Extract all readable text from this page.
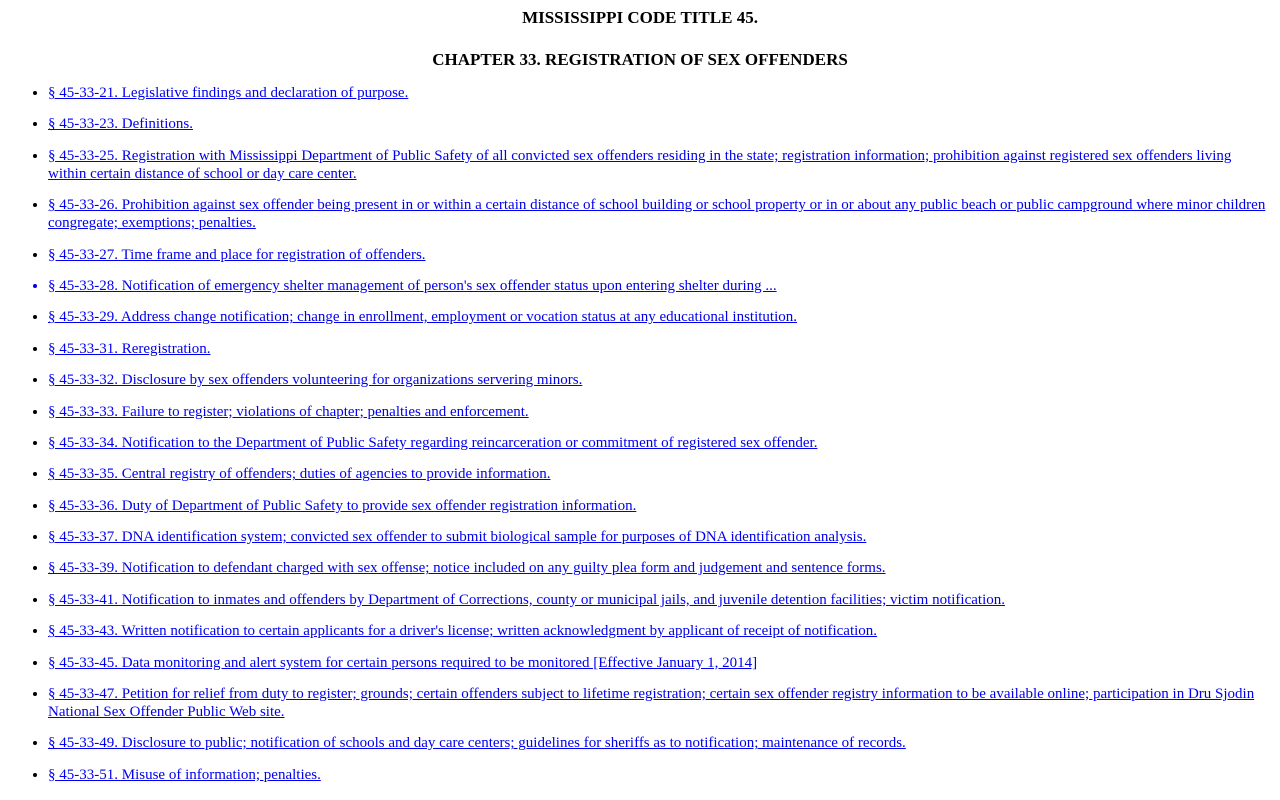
MISSISSIPPI CODE TITLE 45.
CHAPTER 33. REGISTRATION OF SEX OFFENDERS
• § 45-33-21. Legislative findings and declaration of purpose.
• § 45-33-23. Definitions.
• § 45-33-25. Registration with Mississippi Department of Public Safety of all convicted sex offenders residing in the state; registration information; prohibition against registered sex offenders living within certain distance of school or day care center.
• § 45-33-26. Prohibition against sex offender being present in or within a certain distance of school building or school property or in or about any public beach or public campground where minor children congregate; exemptions; penalties.
• § 45-33-27. Time frame and place for registration of offenders.
• § 45-33-28. Notification of emergency shelter management of person's sex offender status upon entering shelter during ...
• § 45-33-29. Address change notification; change in enrollment, employment or vocation status at any educational institution.
• § 45-33-31. Reregistration.
• § 45-33-32. Disclosure by sex offenders volunteering for organizations servering minors.
• § 45-33-33. Failure to register; violations of chapter; penalties and enforcement.
• § 45-33-34. Notification to the Department of Public Safety regarding reincarceration or commitment of registered sex offender.
• § 45-33-35. Central registry of offenders; duties of agencies to provide information.
• § 45-33-36. Duty of Department of Public Safety to provide sex offender registration information.
• § 45-33-37. DNA identification system; convicted sex offender to submit biological sample for purposes of DNA identification analysis.
• § 45-33-39. Notification to defendant charged with sex offense; notice included on any guilty plea form and judgement and sentence forms.
• § 45-33-41. Notification to inmates and offenders by Department of Corrections, county or municipal jails, and juvenile detention facilities; victim notification.
• § 45-33-43. Written notification to certain applicants for a driver's license; written acknowledgment by applicant of receipt of notification.
• § 45-33-45. Data monitoring and alert system for certain persons required to be monitored [Effective January 1, 2014]
• § 45-33-47. Petition for relief from duty to register; grounds; certain offenders subject to lifetime registration; certain sex offender registry information to be available online; participation in Dru Sjodin National Sex Offender Public Web site.
• § 45-33-49. Disclosure to public; notification of schools and day care centers; guidelines for sheriffs as to notification; maintenance of records.
• § 45-33-51. Misuse of information; penalties.
